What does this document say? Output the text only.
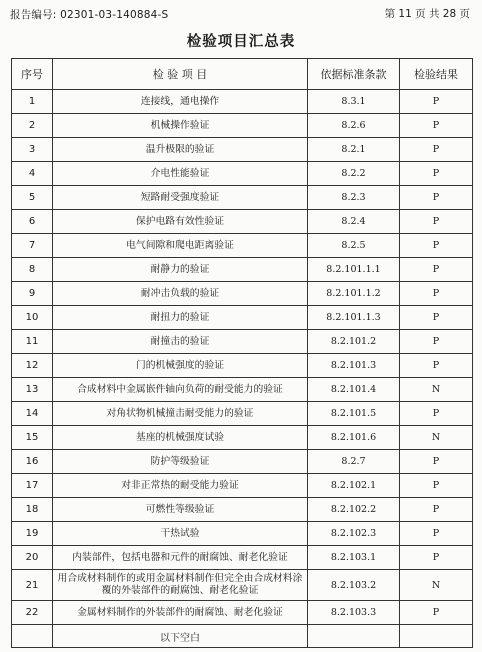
报告编号: 02301-03-140884-S	第 11 页 共 28 页
检验项目汇总表
序号	检 验 项 目	依据标准条款	检验结果
1	连接线，通电操作	8.3.1	P
2	机械操作验证	8.2.6	P
3	温升极限的验证	8.2.1	P
4	介电性能验证	8.2.2	P
5	短路耐受强度验证	8.2.3	P
6	保护电路有效性验证	8.2.4	P
7	电气间隙和爬电距离验证	8.2.5	P
8	耐静力的验证	8.2.101.1.1	P
9	耐冲击负载的验证	8.2.101.1.2	P
10	耐扭力的验证	8.2.101.1.3	P
11	耐撞击的验证	8.2.101.2	P
12	门的机械强度的验证	8.2.101.3	P
13	合成材料中金属嵌件轴向负荷的耐受能力的验证	8.2.101.4	N
14	对角状物机械撞击耐受能力的验证	8.2.101.5	P
15	基座的机械强度试验	8.2.101.6	N
16	防护等级验证	8.2.7	P
17	对非正常热的耐受能力验证	8.2.102.1	P
18	可燃性等级验证	8.2.102.2	P
19	干热试验	8.2.102.3	P
20	内装部件，包括电器和元件的耐腐蚀、耐老化验证	8.2.103.1	P
21	用合成材料制作的或用金属材料制作但完全由合成材料涂覆的外装部件的耐腐蚀、耐老化验证	8.2.103.2	N
22	金属材料制作的外装部件的耐腐蚀、耐老化验证	8.2.103.3	P
	以下空白		
